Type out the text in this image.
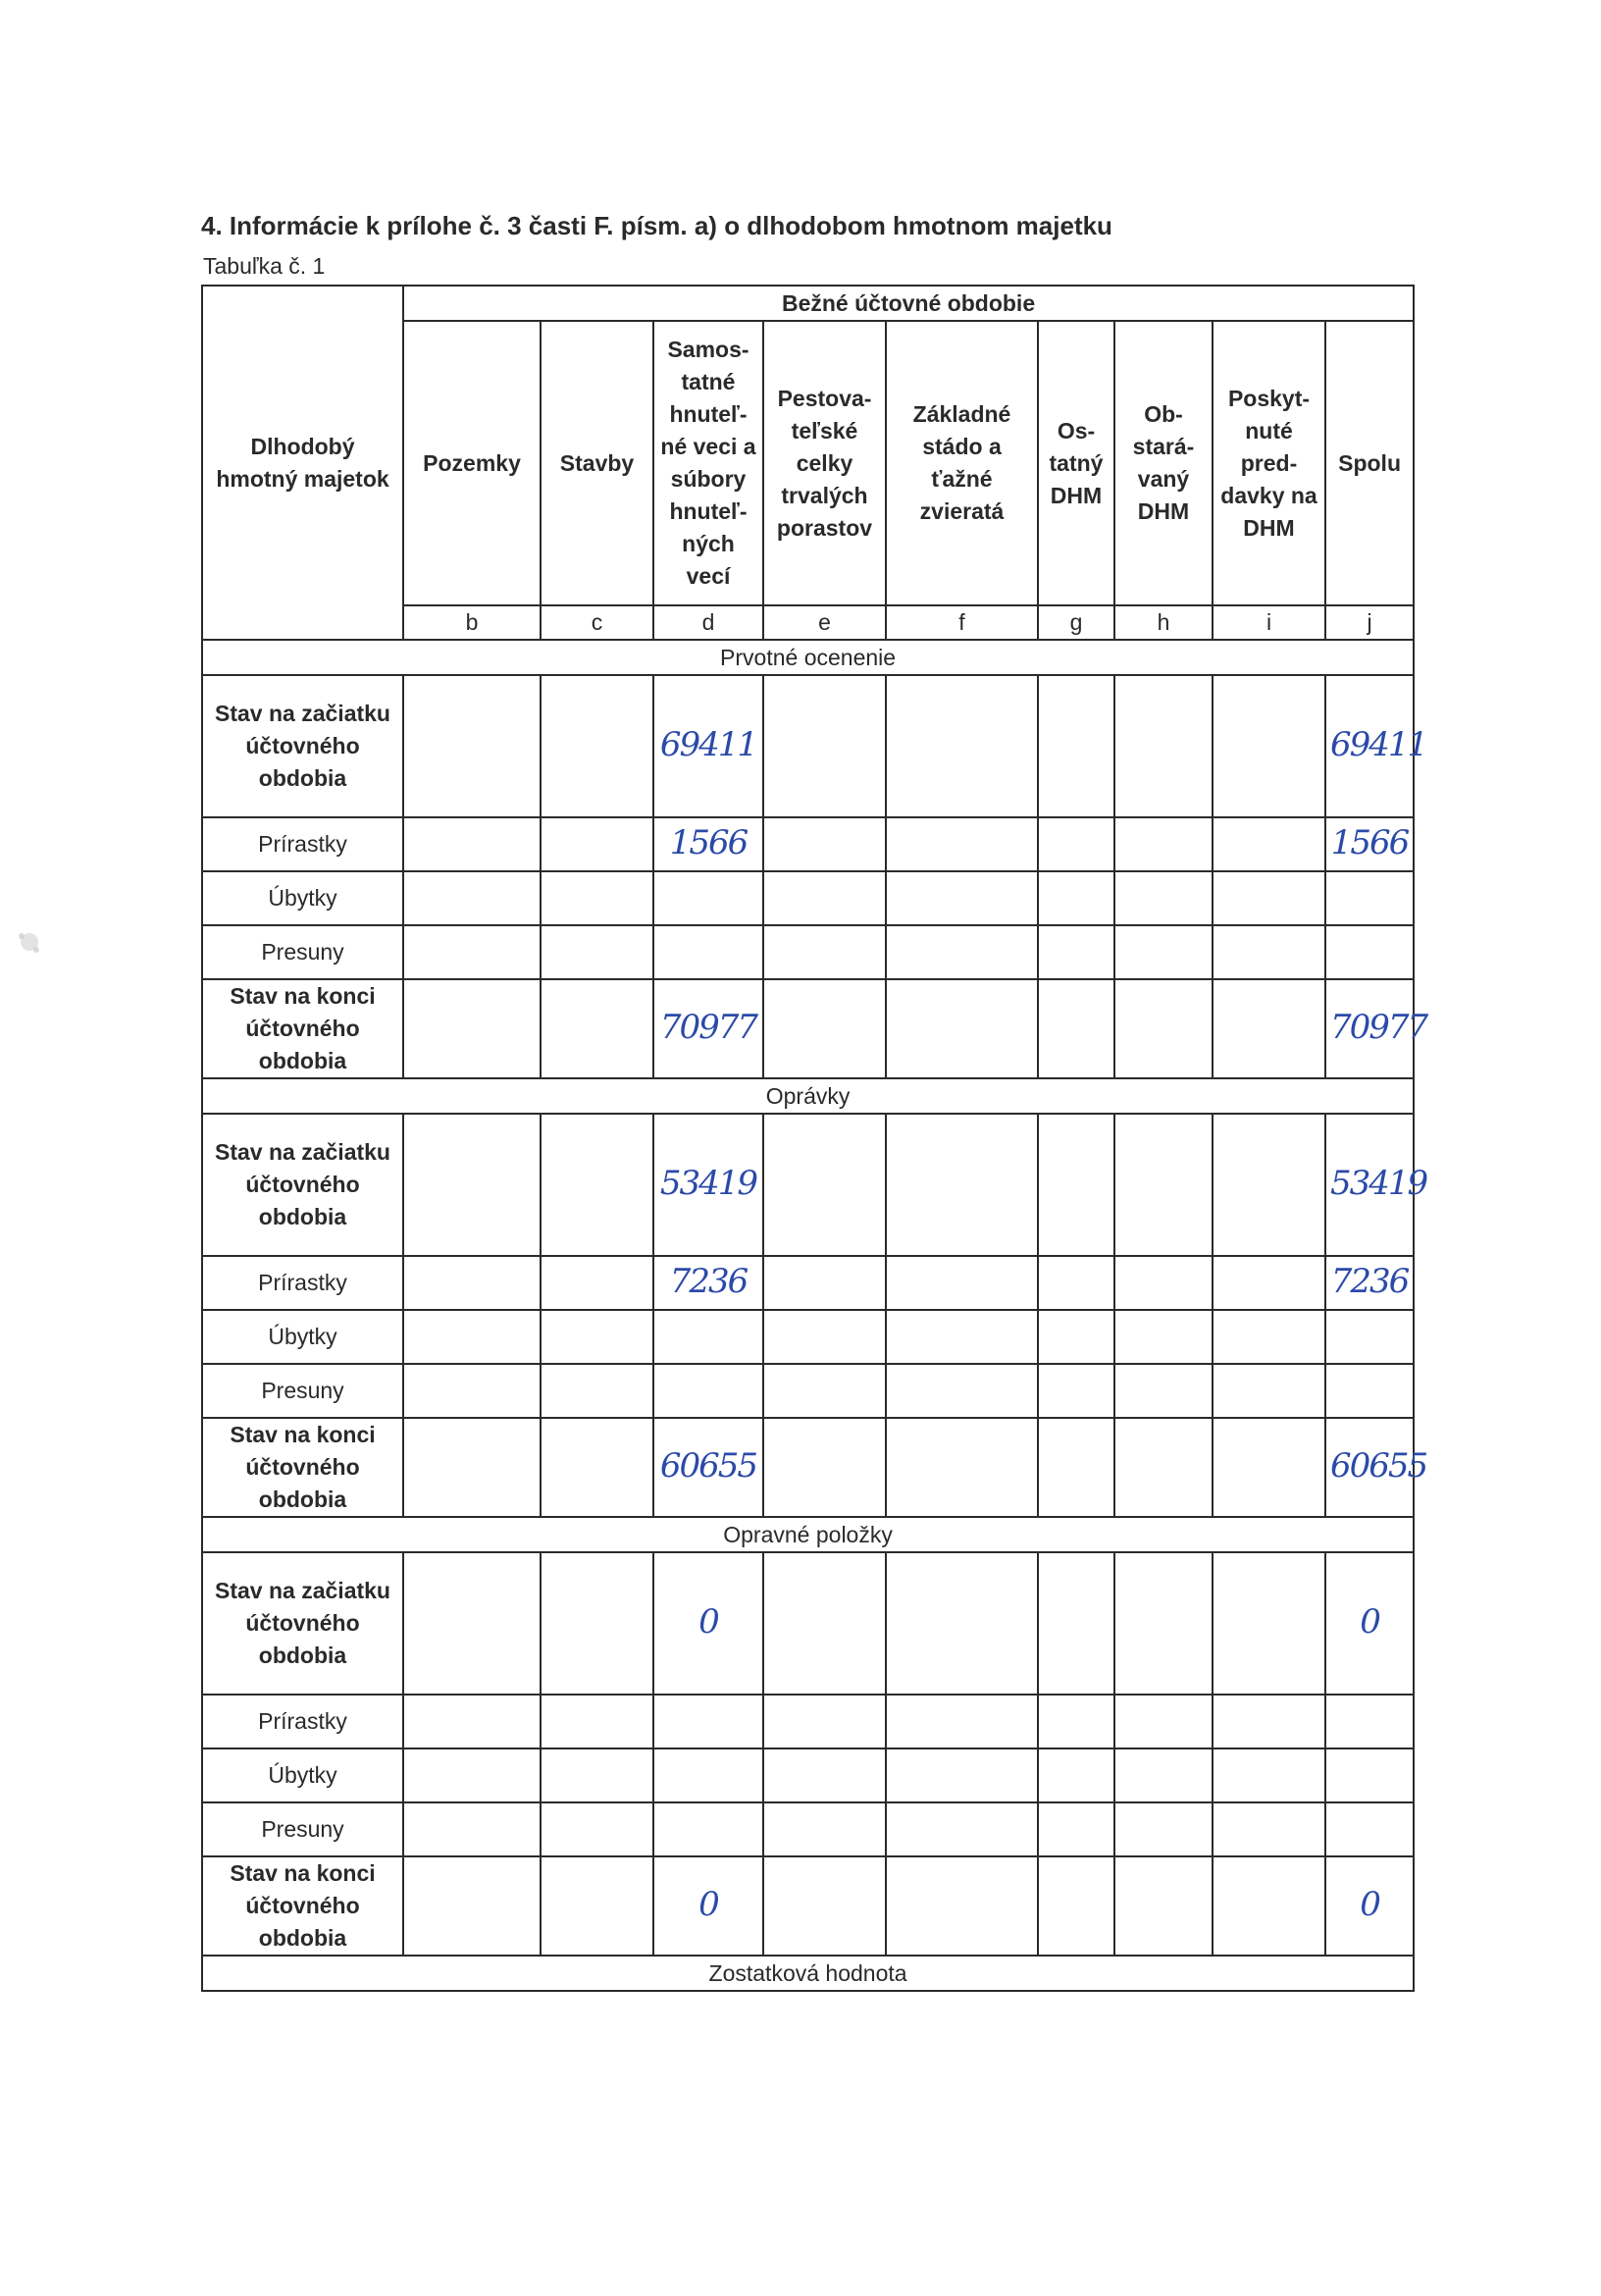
4. Informácie k prílohe č. 3 časti F. písm. a) o dlhodobom hmotnom majetku
Tabuľka č. 1
Dlhodobý hmotný majetok	Bežné účtovné obdobie								
	Pozemky	Stavby	Samos- tatné hnuteľ- né veci a súbory hnuteľ- ných vecí	Pestova- teľské celky trvalých porastov	Základné stádo a ťažné zvieratá	Os- tatný DHM	Ob- stará- vaný DHM	Poskyt- nuté pred- davky na DHM	Spolu
	b	c	d	e	f	g	h	i	j
Prvotné ocenenie									
Stav na začiatku účtovného obdobia			69411						69411
Prírastky			1566						1566
Úbytky									
Presuny									
Stav na konci účtovného obdobia			70977						70977
Oprávky									
Stav na začiatku účtovného obdobia			53419						53419
Prírastky			7236						7236
Úbytky									
Presuny									
Stav na konci účtovného obdobia			60655						60655
Opravné položky									
Stav na začiatku účtovného obdobia			0						0
Prírastky									
Úbytky									
Presuny									
Stav na konci účtovného obdobia			0						0
Zostatková hodnota									
